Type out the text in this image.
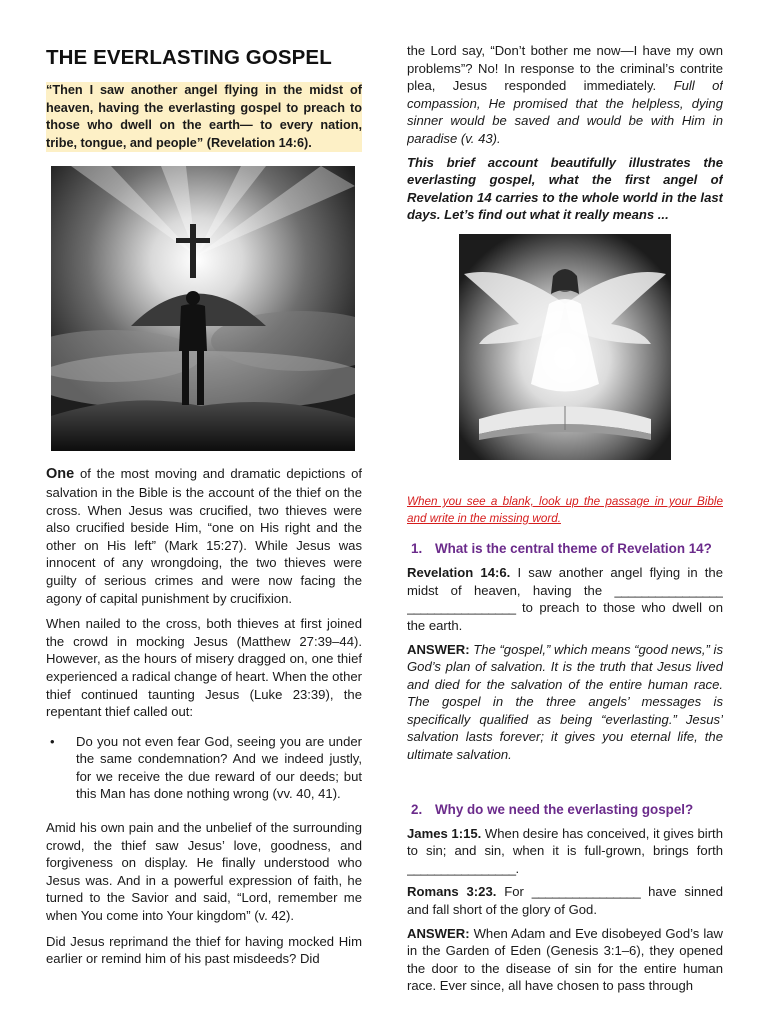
THE EVERLASTING GOSPEL

“Then I saw another angel flying in the midst of heaven, having the everlasting gospel to preach to those who dwell on the earth— to every nation, tribe, tongue, and people” (Revelation 14:6).

One of the most moving and dramatic depictions of salvation in the Bible is the account of the thief on the cross. When Jesus was crucified, two thieves were also crucified beside Him, “one on His right and the other on His left” (Mark 15:27). While Jesus was innocent of any wrongdoing, the two thieves were guilty of serious crimes and were now facing the agony of capital punishment by crucifixion.

When nailed to the cross, both thieves at first joined the crowd in mocking Jesus (Matthew 27:39–44). However, as the hours of misery dragged on, one thief experienced a radical change of heart. When the other thief continued taunting Jesus (Luke 23:39), the repentant thief called out:

•	Do you not even fear God, seeing you are under the same condemnation? And we indeed justly, for we receive the due reward of our deeds; but this Man has done nothing wrong (vv. 40, 41).

Amid his own pain and the unbelief of the surrounding crowd, the thief saw Jesus’ love, goodness, and forgiveness on display. He finally understood who Jesus was. And in a powerful expression of faith, he turned to the Savior and said, “Lord, remember me when You come into Your kingdom” (v. 42).

Did Jesus reprimand the thief for having mocked Him earlier or remind him of his past misdeeds? Did

the Lord say, “Don’t bother me now—I have my own problems”? No! In response to the criminal’s contrite plea, Jesus responded immediately. Full of compassion, He promised that the helpless, dying sinner would be saved and would be with Him in paradise (v. 43).

This brief account beautifully illustrates the everlasting gospel, what the first angel of Revelation 14 carries to the whole world in the last days. Let’s find out what it really means ...

When you see a blank, look up the passage in your Bible and write in the missing word.

1. What is the central theme of Revelation 14?

Revelation 14:6. I saw another angel flying in the midst of heaven, having the ________________ ________________ to preach to those who dwell on the earth.

ANSWER: The “gospel,” which means “good news,” is God’s plan of salvation. It is the truth that Jesus lived and died for the salvation of the entire human race. The gospel in the three angels’ messages is specifically qualified as being “everlasting.” Jesus’ salvation lasts forever; it gives you eternal life, the ultimate salvation.

2. Why do we need the everlasting gospel?

James 1:15. When desire has conceived, it gives birth to sin; and sin, when it is full-grown, brings forth ________________.

Romans 3:23. For ________________ have sinned and fall short of the glory of God.

ANSWER: When Adam and Eve disobeyed God’s law in the Garden of Eden (Genesis 3:1–6), they opened the door to the disease of sin for the entire human race. Ever since, all have chosen to pass through
